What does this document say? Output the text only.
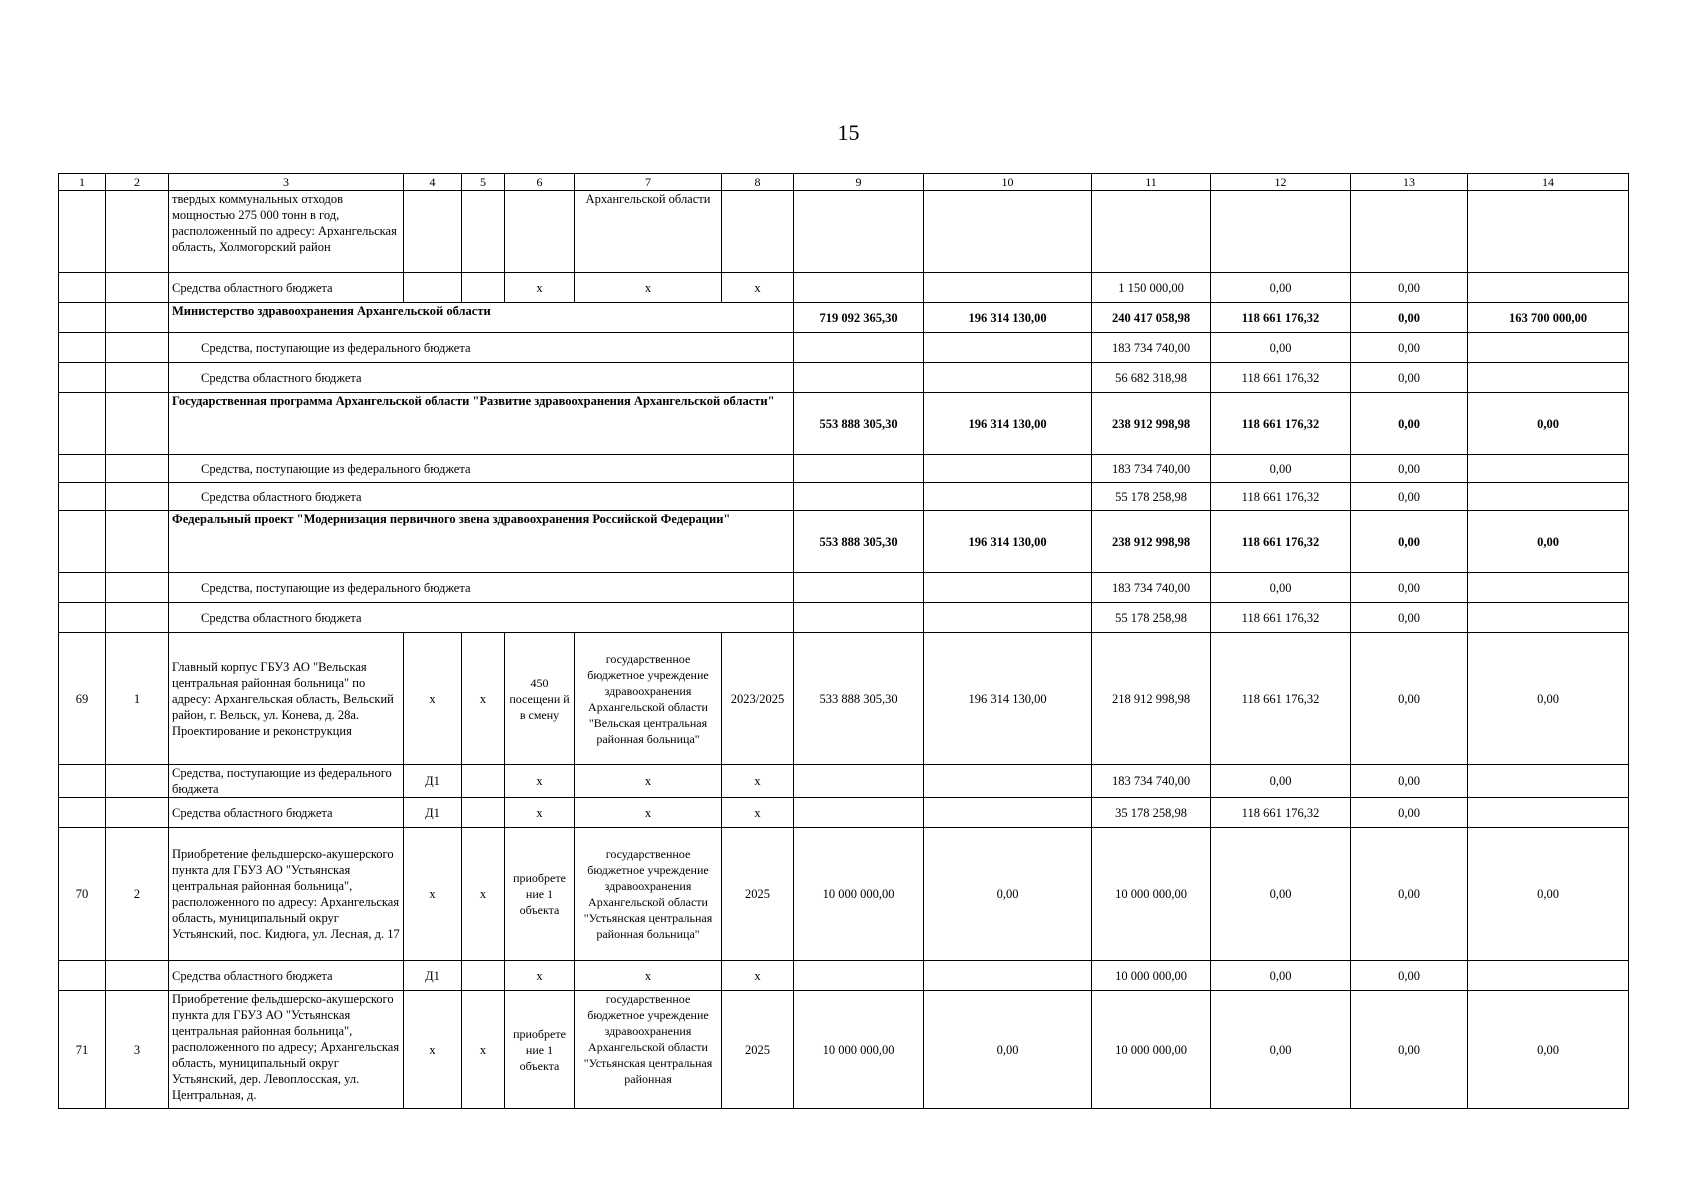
15
1	2	3	4	5	6	7	8	9	10	11	12	13	14
		твердых коммунальных отходов мощностью 275 000 тонн в год, расположенный по адресу: Архангельская область, Холмогорский район				Архангельской области							
		Средства областного бюджета			x	x	x			1 150 000,00	0,00	0,00	
		Министерство здравоохранения Архангельской области						719 092 365,30	196 314 130,00	240 417 058,98	118 661 176,32	0,00	163 700 000,00
		Средства, поступающие из федерального бюджета								183 734 740,00	0,00	0,00	
		Средства областного бюджета								56 682 318,98	118 661 176,32	0,00	
		Государственная программа Архангельской области "Развитие здравоохранения Архангельской области"						553 888 305,30	196 314 130,00	238 912 998,98	118 661 176,32	0,00	0,00
		Средства, поступающие из федерального бюджета								183 734 740,00	0,00	0,00	
		Средства областного бюджета								55 178 258,98	118 661 176,32	0,00	
		Федеральный проект "Модернизация первичного звена здравоохранения Российской Федерации"						553 888 305,30	196 314 130,00	238 912 998,98	118 661 176,32	0,00	0,00
		Средства, поступающие из федерального бюджета								183 734 740,00	0,00	0,00	
		Средства областного бюджета								55 178 258,98	118 661 176,32	0,00	
69	1	Главный корпус ГБУЗ АО "Вельская центральная районная больница" по адресу: Архангельская область, Вельский район, г. Вельск, ул. Конева, д. 28а. Проектирование и реконструкция	x	x	450 посещени й в смену	государственное бюджетное учреждение здравоохранения Архангельской области "Вельская центральная районная больница"	2023/2025	533 888 305,30	196 314 130,00	218 912 998,98	118 661 176,32	0,00	0,00
		Средства, поступающие из федерального бюджета	Д1		x	x	x			183 734 740,00	0,00	0,00	
		Средства областного бюджета	Д1		x	x	x			35 178 258,98	118 661 176,32	0,00	
70	2	Приобретение фельдшерско-акушерского пункта для ГБУЗ АО "Устьянская центральная районная больница", расположенного по адресу: Архангельская область, муниципальный округ Устьянский, пос. Кидюга, ул. Лесная, д. 17	x	x	приобрете ние 1 объекта	государственное бюджетное учреждение здравоохранения Архангельской области "Устьянская центральная районная больница"	2025	10 000 000,00	0,00	10 000 000,00	0,00	0,00	0,00
		Средства областного бюджета	Д1		x	x	x			10 000 000,00	0,00	0,00	
71	3	Приобретение фельдшерско-акушерского пункта для ГБУЗ АО "Устьянская центральная районная больница", расположенного по адресу; Архангельская область, муниципальный округ Устьянский, дер. Левоплосская, ул. Центральная, д.	x	x	приобрете ние 1 объекта	государственное бюджетное учреждение здравоохранения Архангельской области "Устьянская центральная районная	2025	10 000 000,00	0,00	10 000 000,00	0,00	0,00	0,00
